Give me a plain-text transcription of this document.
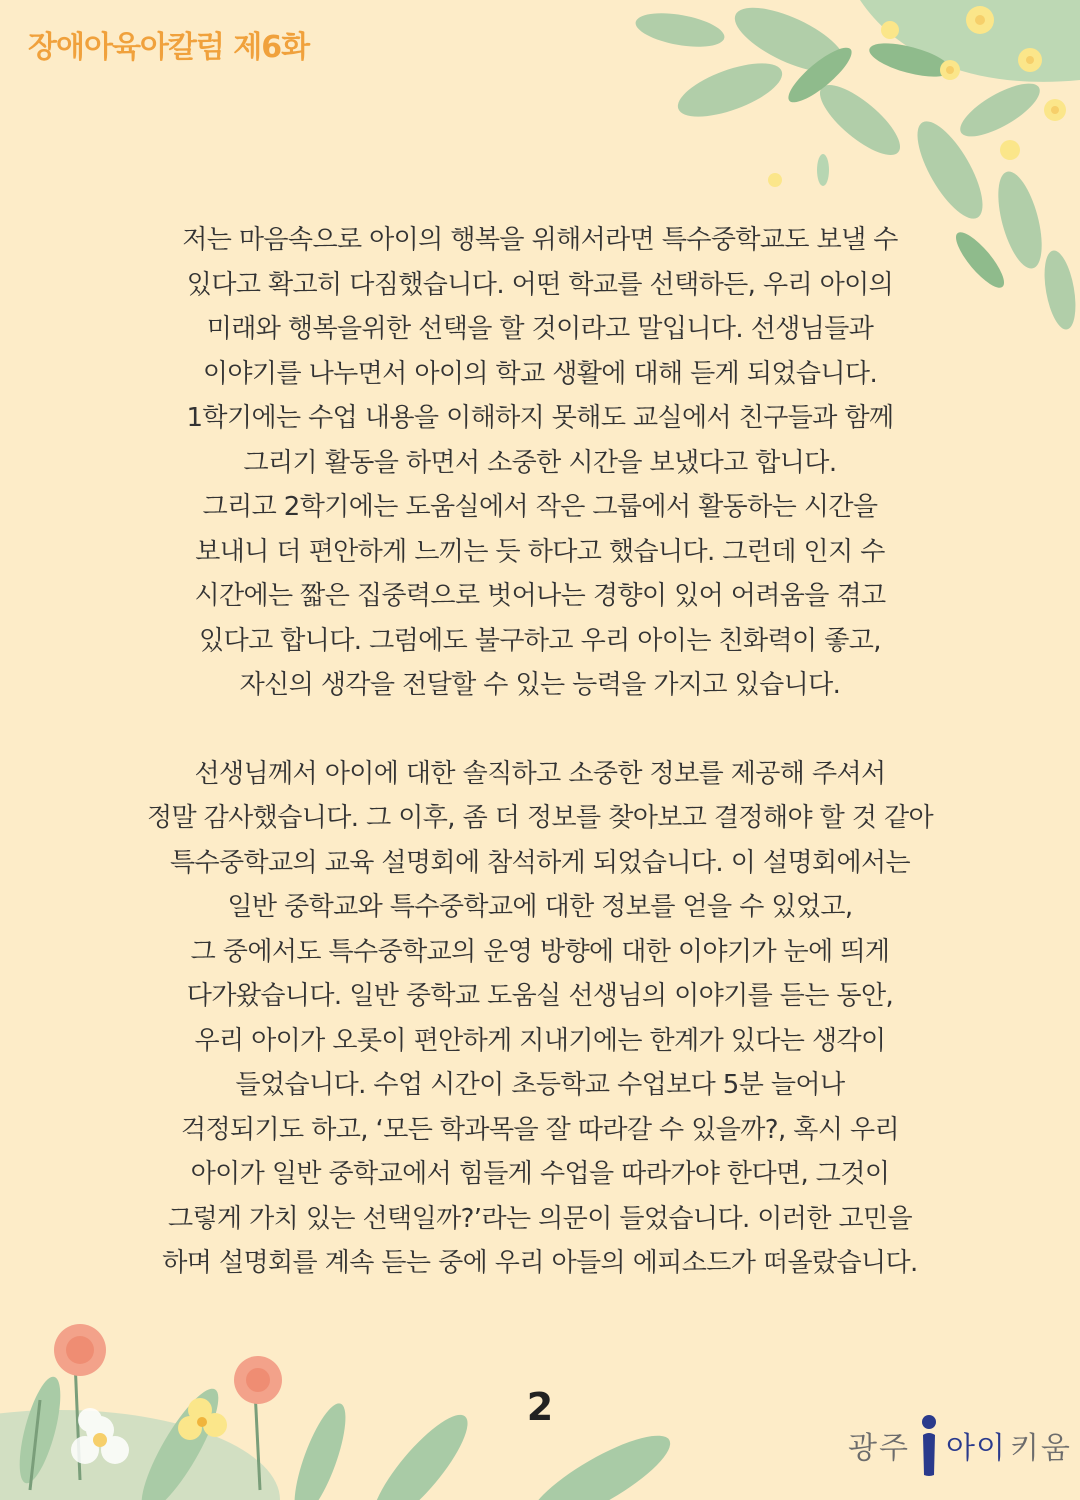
장애아육아칼럼 제6화
저는 마음속으로 아이의 행복을 위해서라면 특수중학교도 보낼 수
있다고 확고히 다짐했습니다. 어떤 학교를 선택하든, 우리 아이의
미래와 행복을위한 선택을 할 것이라고 말입니다. 선생님들과
이야기를 나누면서 아이의 학교 생활에 대해 듣게 되었습니다.
1학기에는 수업 내용을 이해하지 못해도 교실에서 친구들과 함께
그리기 활동을 하면서 소중한 시간을 보냈다고 합니다.
그리고 2학기에는 도움실에서 작은 그룹에서 활동하는 시간을
보내니 더 편안하게 느끼는 듯 하다고 했습니다. 그런데 인지 수
시간에는 짧은 집중력으로 벗어나는 경향이 있어 어려움을 겪고
있다고 합니다. 그럼에도 불구하고 우리 아이는 친화력이 좋고,
자신의 생각을 전달할 수 있는 능력을 가지고 있습니다.
선생님께서 아이에 대한 솔직하고 소중한 정보를 제공해 주셔서
정말 감사했습니다. 그 이후, 좀 더 정보를 찾아보고 결정해야 할 것 같아
특수중학교의 교육 설명회에 참석하게 되었습니다. 이 설명회에서는
일반 중학교와 특수중학교에 대한 정보를 얻을 수 있었고,
그 중에서도 특수중학교의 운영 방향에 대한 이야기가 눈에 띄게
다가왔습니다. 일반 중학교 도움실 선생님의 이야기를 듣는 동안,
우리 아이가 오롯이 편안하게 지내기에는 한계가 있다는 생각이
들었습니다. 수업 시간이 초등학교 수업보다 5분 늘어나
걱정되기도 하고, ‘모든 학과목을 잘 따라갈 수 있을까?, 혹시 우리
아이가 일반 중학교에서 힘들게 수업을 따라가야 한다면, 그것이
그렇게 가치 있는 선택일까?’라는 의문이 들었습니다. 이러한 고민을
하며 설명회를 계속 듣는 중에 우리 아들의 에피소드가 떠올랐습니다.
2
광주 아이 키움
